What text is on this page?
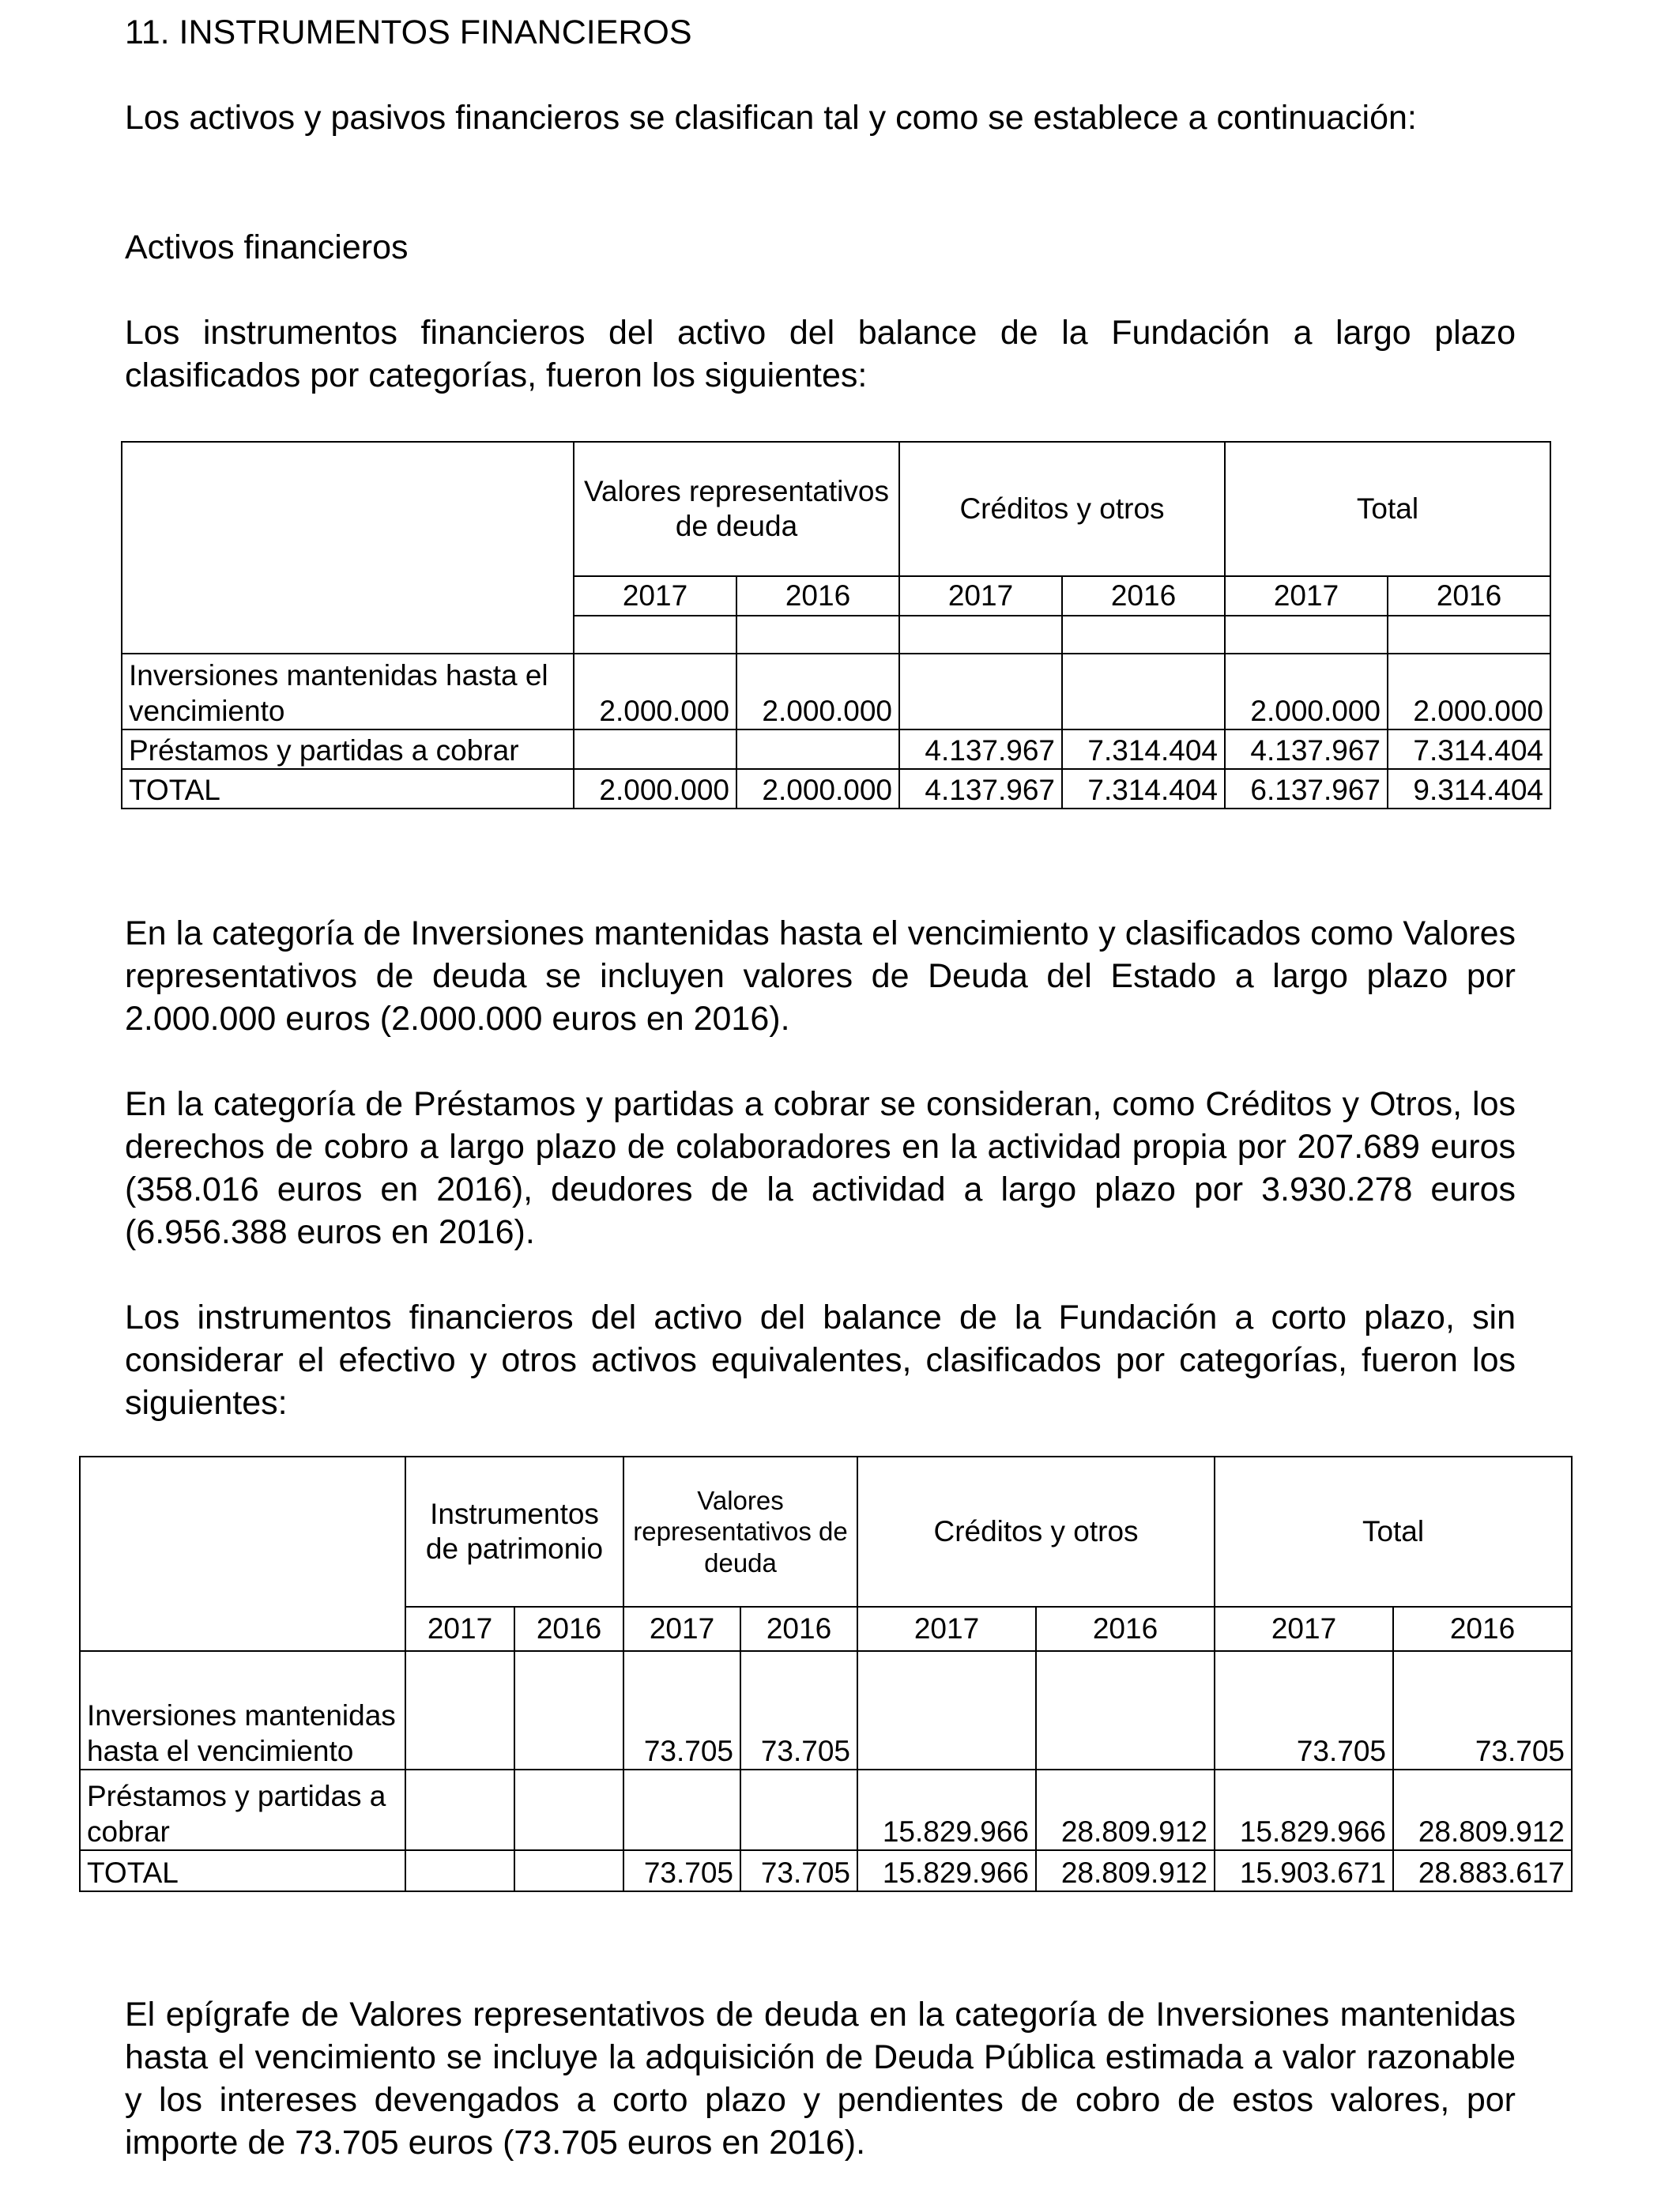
11. INSTRUMENTOS FINANCIEROS

Los activos y pasivos financieros se clasifican tal y como se establece a continuación:

Activos financieros

Los instrumentos financieros del activo del balance de la Fundación a largo plazo clasificados por categorías, fueron los siguientes:

	Valores representativos de deuda		Créditos y otros		Total	
	2017	2016	2017	2016	2017	2016

Inversiones mantenidas hasta el vencimiento	2.000.000	2.000.000			2.000.000	2.000.000
Préstamos y partidas a cobrar			4.137.967	7.314.404	4.137.967	7.314.404
TOTAL	2.000.000	2.000.000	4.137.967	7.314.404	6.137.967	9.314.404

En la categoría de Inversiones mantenidas hasta el vencimiento y clasificados como Valores representativos de deuda se incluyen valores de Deuda del Estado a largo plazo por 2.000.000 euros (2.000.000 euros en 2016).

En la categoría de Préstamos y partidas a cobrar se consideran, como Créditos y Otros, los derechos de cobro a largo plazo de colaboradores en la actividad propia por 207.689 euros (358.016 euros en 2016), deudores de la actividad a largo plazo por 3.930.278 euros (6.956.388 euros en 2016).

Los instrumentos financieros del activo del balance de la Fundación a corto plazo, sin considerar el efectivo y otros activos equivalentes, clasificados por categorías, fueron los siguientes:

	Instrumentos de patrimonio		Valores representativos de deuda		Créditos y otros		Total	
	2017	2016	2017	2016	2017	2016	2017	2016
Inversiones mantenidas hasta el vencimiento			73.705	73.705			73.705	73.705
Préstamos y partidas a cobrar					15.829.966	28.809.912	15.829.966	28.809.912
TOTAL			73.705	73.705	15.829.966	28.809.912	15.903.671	28.883.617

El epígrafe de Valores representativos de deuda en la categoría de Inversiones mantenidas hasta el vencimiento se incluye la adquisición de Deuda Pública estimada a valor razonable y los intereses devengados a corto plazo y pendientes de cobro de estos valores, por importe de 73.705 euros (73.705 euros en 2016).
